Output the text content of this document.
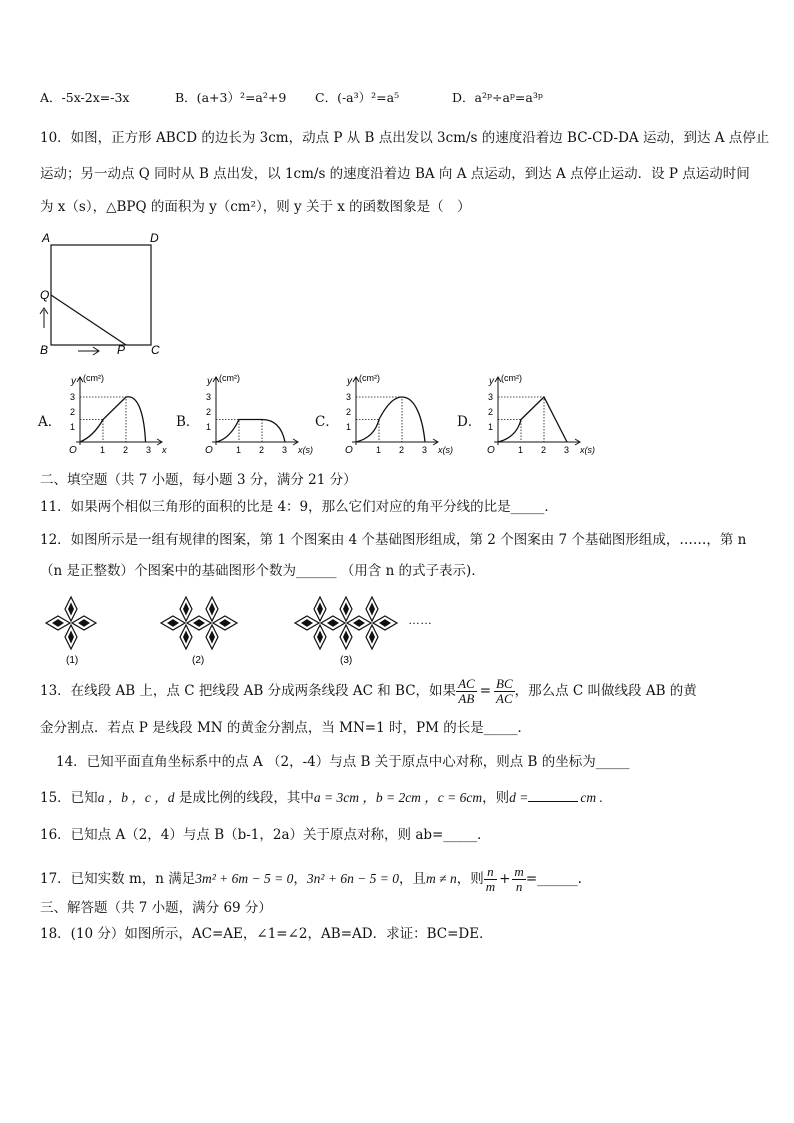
A．-5x-2x=-3x	B．(a+3）²=a²+9 C．(-a³）²=a⁵	D．a²ᵖ÷aᵖ=a³ᵖ
10．如图，正方形 ABCD 的边长为 3cm，动点 P 从 B 点出发以 3cm/s 的速度沿着边 BC-CD-DA 运动，到达 A 点停止
运动；另一动点 Q 同时从 B 点出发，以 1cm/s 的速度沿着边 BA 向 A 点运动，到达 A 点停止运动．设 P 点运动时间
为 x（s），△BPQ 的面积为 y（cm²），则 y 关于 x 的函数图象是（　）
A	D
Q
B	P C
A．	B．	C．	D．
y (cm²)
x
O	1
1
2
2
3
3
y (cm²)
x(s)
O	1
1
2
2
3
3
y (cm²)
x(s)
O	1
1
2
2
3
3
y (cm²)
x(s)
O	1
1
2
2
3
3
二、填空题（共 7 小题，每小题 3 分，满分 21 分）
11．如果两个相似三角形的面积的比是 4：9，那么它们对应的角平分线的比是_____．
12．如图所示是一组有规律的图案，第 1 个图案由 4 个基础图形组成，第 2 个图案由 7 个基础图形组成，……，第 n
（n 是正整数）个图案中的基础图形个数为______ （用含 n 的式子表示)．
(1)	(2)	(3)
……
13．在线段 AB 上，点 C 把线段 AB 分成两条线段 AC 和 BC，如果 $\frac{AC}{AB} = \frac{BC}{AC}$ ，那么点 C 叫做线段 AB 的黄
金分割点．若点 P 是线段 MN 的黄金分割点，当 MN=1 时，PM 的长是_____．
14．已知平面直角坐标系中的点 A （2，-4）与点 B 关于原点中心对称，则点 B 的坐标为_____
15．已知a ，b ，c ，d 是成比例的线段，其中a = 3cm ，b = 2cm ，c = 6cm，则d =	cm .
16．已知点 A（2，4）与点 B（b-1，2a）关于原点对称，则 ab=_____．
17．已知实数 m，n 满足 3m² + 6m − 5 = 0 ， 3n² + 6n − 5 = 0 ，且 m ≠ n ，则 $\frac{n}{m} + \frac{m}{n}$ =______.
三、解答题（共 7 小题，满分 69 分）
18．(10 分）如图所示，AC=AE，∠1=∠2，AB=AD．求证：BC=DE．
